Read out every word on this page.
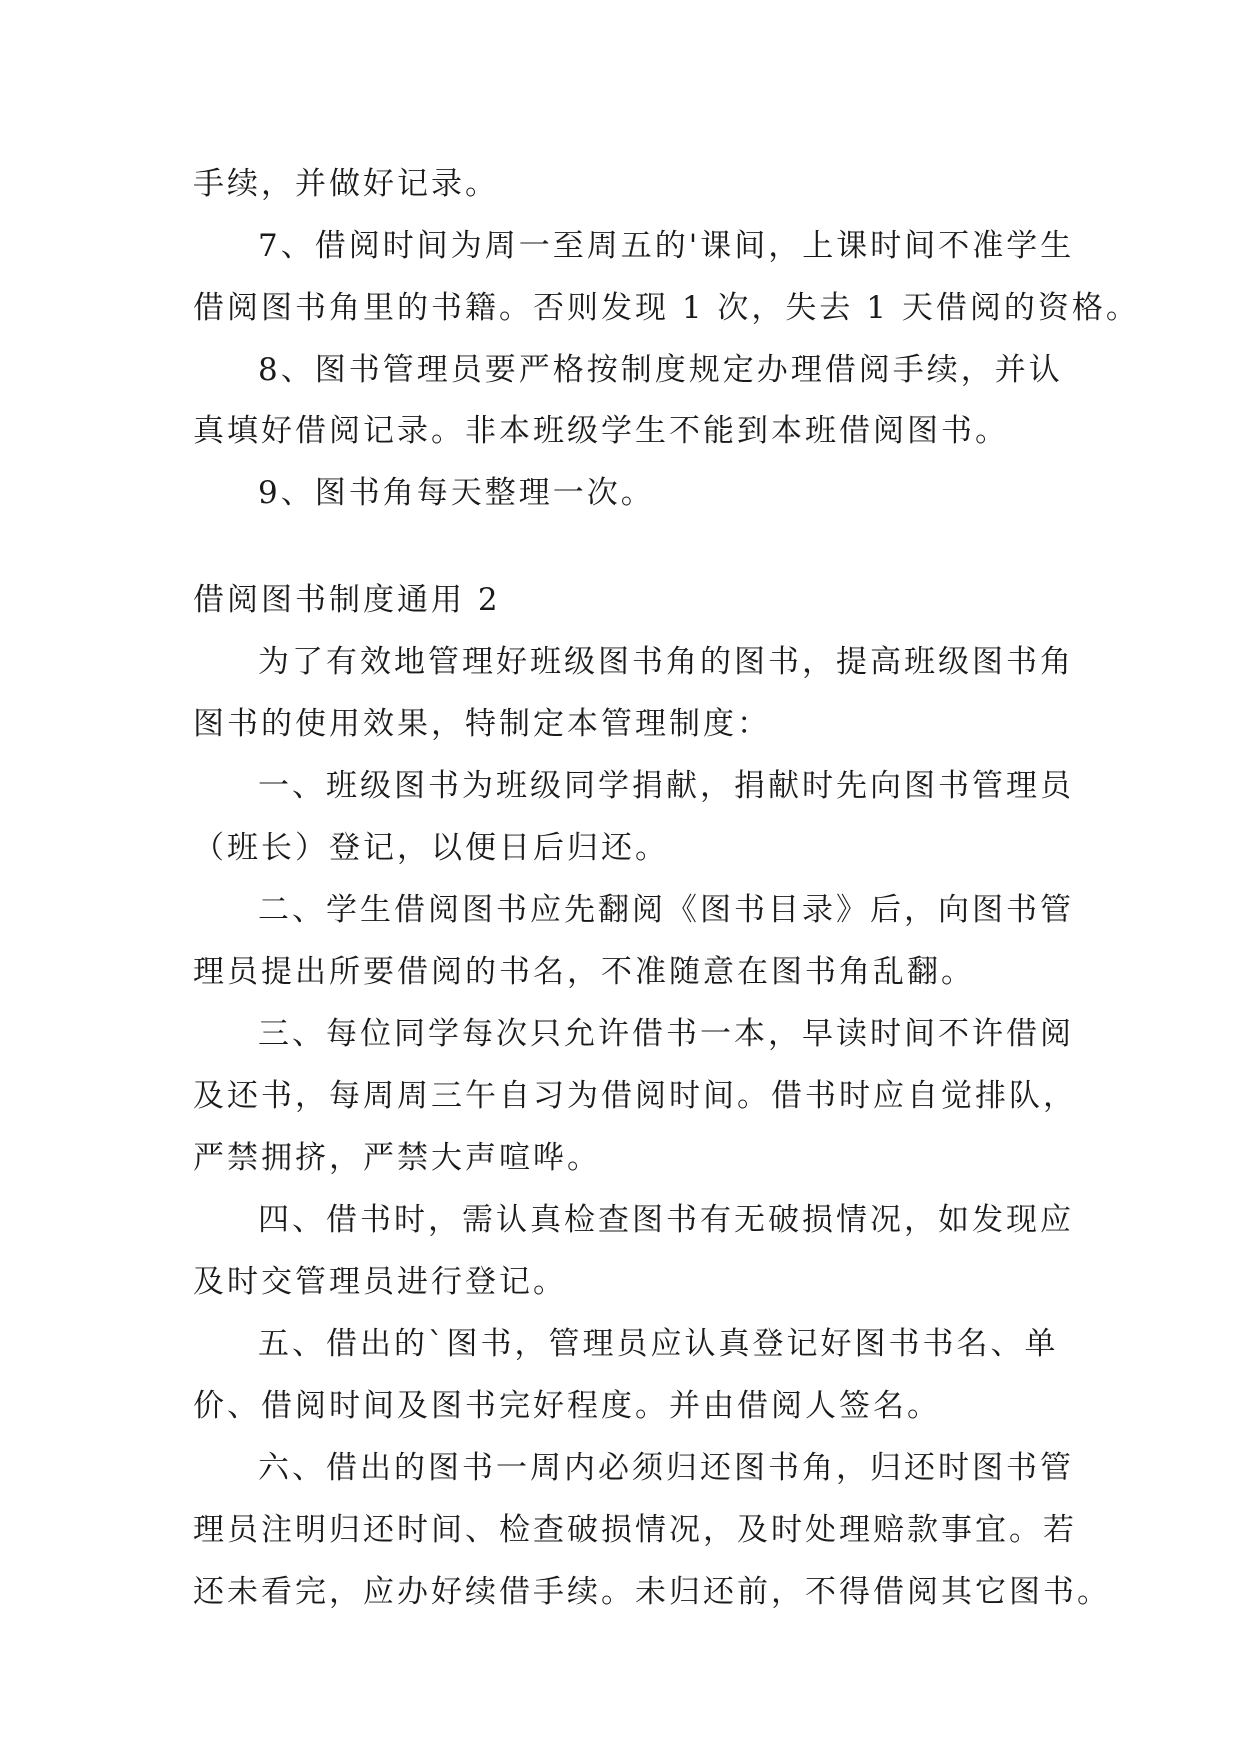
手续，并做好记录。
7、借阅时间为周一至周五的'课间，上课时间不准学生
借阅图书角里的书籍。否则发现 1 次，失去 1 天借阅的资格。
8、图书管理员要严格按制度规定办理借阅手续，并认
真填好借阅记录。非本班级学生不能到本班借阅图书。
9、图书角每天整理一次。
借阅图书制度通用 2
为了有效地管理好班级图书角的图书，提高班级图书角
图书的使用效果，特制定本管理制度：
一、班级图书为班级同学捐献，捐献时先向图书管理员
（班长）登记，以便日后归还。
二、学生借阅图书应先翻阅《图书目录》后，向图书管
理员提出所要借阅的书名，不准随意在图书角乱翻。
三、每位同学每次只允许借书一本，早读时间不许借阅
及还书，每周周三午自习为借阅时间。借书时应自觉排队，
严禁拥挤，严禁大声喧哗。
四、借书时，需认真检查图书有无破损情况，如发现应
及时交管理员进行登记。
五、借出的`图书，管理员应认真登记好图书书名、单
价、借阅时间及图书完好程度。并由借阅人签名。
六、借出的图书一周内必须归还图书角，归还时图书管
理员注明归还时间、检查破损情况，及时处理赔款事宜。若
还未看完，应办好续借手续。未归还前，不得借阅其它图书。
